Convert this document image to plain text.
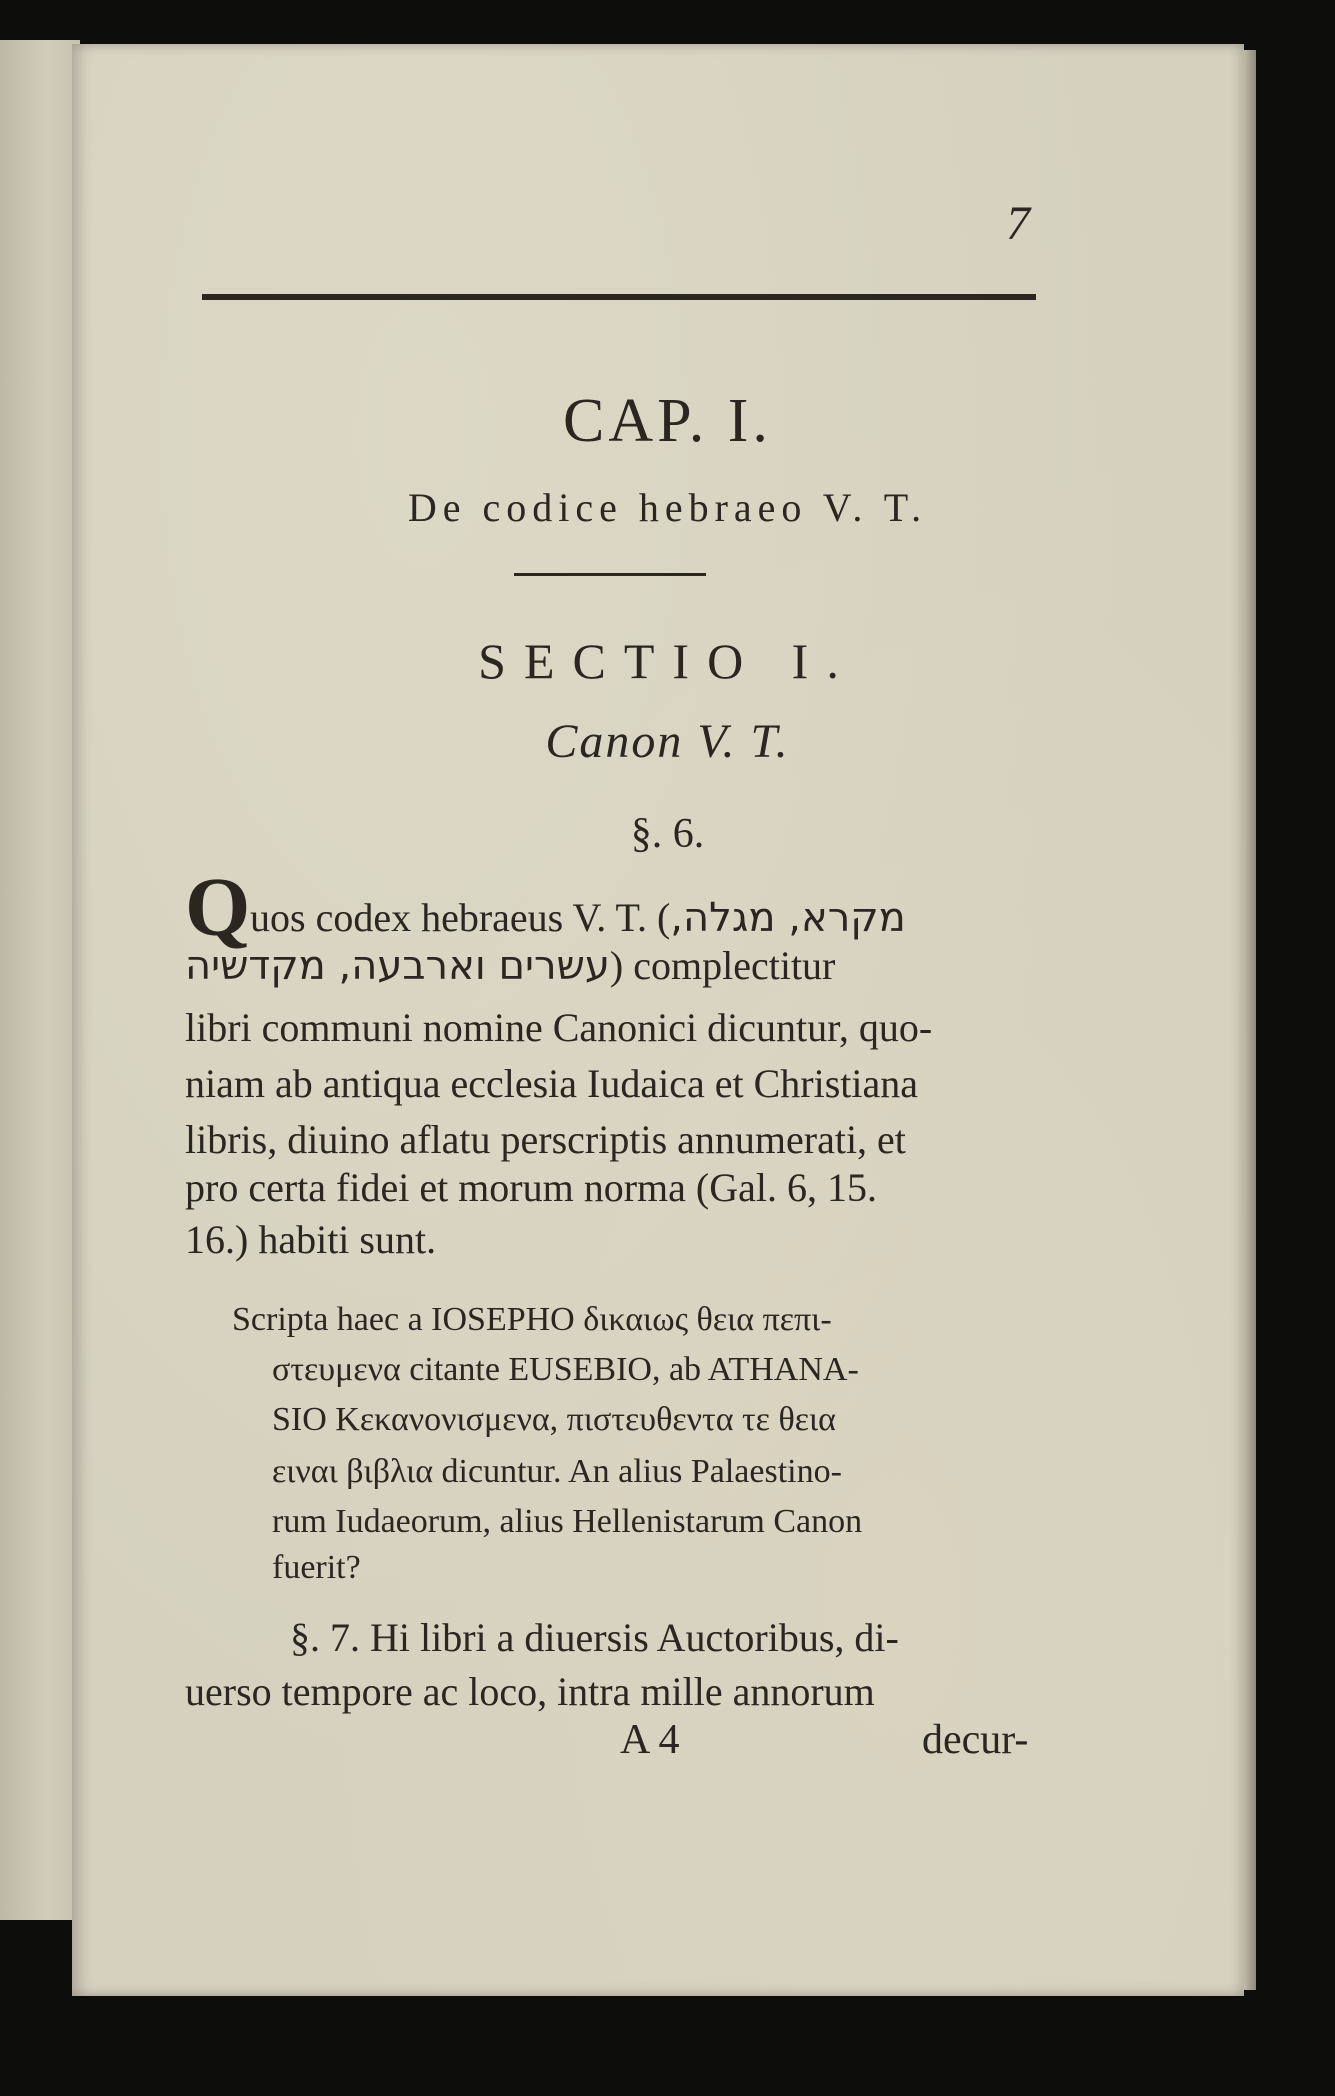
7
CAP. I.
De codice hebraeo V. T.
SECTIO I.
Canon V. T.
§. 6.
Q uos codex hebraeus V. T. (מקרא, מגלה,
עשרים וארבעה, מקדשיה) complectitur
libri communi nomine Canonici dicuntur, quo-
niam ab antiqua ecclesia Iudaica et Christiana
libris, diuino aflatu perscriptis annumerati, et
pro certa fidei et morum norma (Gal. 6, 15.
16.) habiti sunt.
Scripta haec a IOSEPHO δικαιως θεια πεπι-
στευμενα citante EUSEBIO, ab ATHANA-
SIO Κεκανονισμενα, πιστευθεντα τε θεια
ειναι βιβλια dicuntur. An alius Palaestino-
rum Iudaeorum, alius Hellenistarum Canon
fuerit?
§. 7. Hi libri a diuersis Auctoribus, di-
uerso tempore ac loco, intra mille annorum
A 4	decur-
